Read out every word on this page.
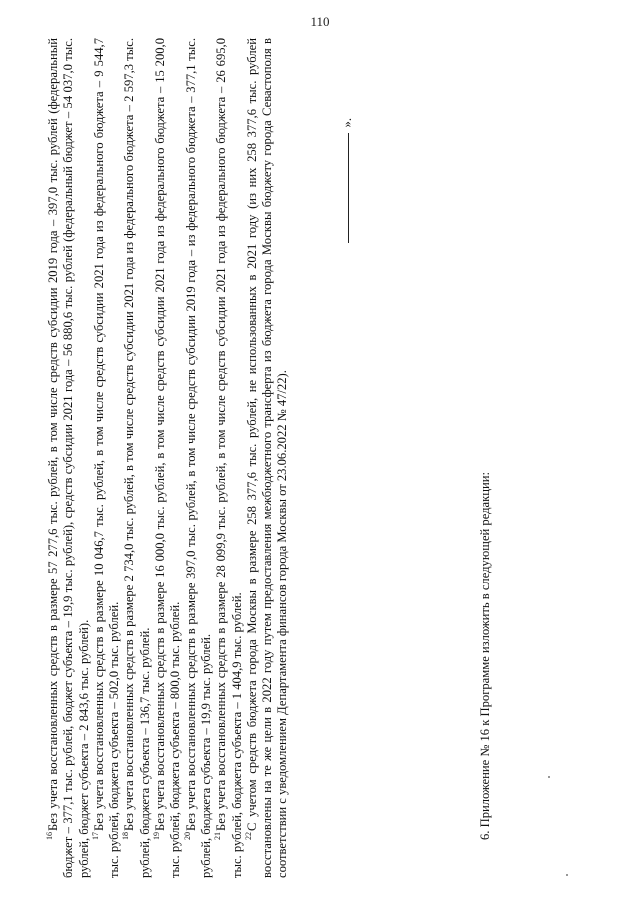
110

$^{16}$Без учета восстановленных средств в размере 57 277,6 тыс. рублей, в том числе средств субсидии 2019 года – 397,0 тыс. рублей (федеральный бюджет – 377,1 тыс. рублей, бюджет субъекта – 19,9 тыс. рублей), средств субсидии 2021 года – 56 880,6 тыс. рублей (федеральный бюджет – 54 037,0 тыс. рублей, бюджет субъекта – 2 843,6 тыс. рублей). $^{17}$Без учета восстановленных средств в размере 10 046,7 тыс. рублей, в том числе средств субсидии 2021 года из федерального бюджета – 9 544,7 тыс. рублей, бюджета субъекта – 502,0 тыс. рублей. $^{18}$Без учета восстановленных средств в размере 2 734,0 тыс. рублей, в том числе средств субсидии 2021 года из федерального бюджета – 2 597,3 тыс. рублей, бюджета субъекта – 136,7 тыс. рублей. $^{19}$Без учета восстановленных средств в размере 16 000,0 тыс. рублей, в том числе средств субсидии 2021 года из федерального бюджета – 15 200,0 тыс. рублей, бюджета субъекта – 800,0 тыс. рублей. $^{20}$Без учета восстановленных средств в размере 397,0 тыс. рублей, в том числе средств субсидии 2019 года – из федерального бюджета – 377,1 тыс. рублей, бюджета субъекта – 19,9 тыс. рублей. $^{21}$Без учета восстановленных средств в размере 28 099,9 тыс. рублей, в том числе средств субсидии 2021 года из федерального бюджета – 26 695,0 тыс. рублей, бюджета субъекта – 1 404,9 тыс. рублей. $^{22}$С учетом средств бюджета города Москвы в размере 258 377,6 тыс. рублей, не использованных в 2021 году (из них 258 377,6 тыс. рублей восстановлены на те же цели в 2022 году путем предоставления межбюджетного трансферта из бюджета города Москвы бюджету города Севастополя в соответствии с уведомлением Департамента финансов города Москвы от 23.06.2022 № 47/22).

».

6. Приложение № 16 к Программе изложить в следующей редакции:
